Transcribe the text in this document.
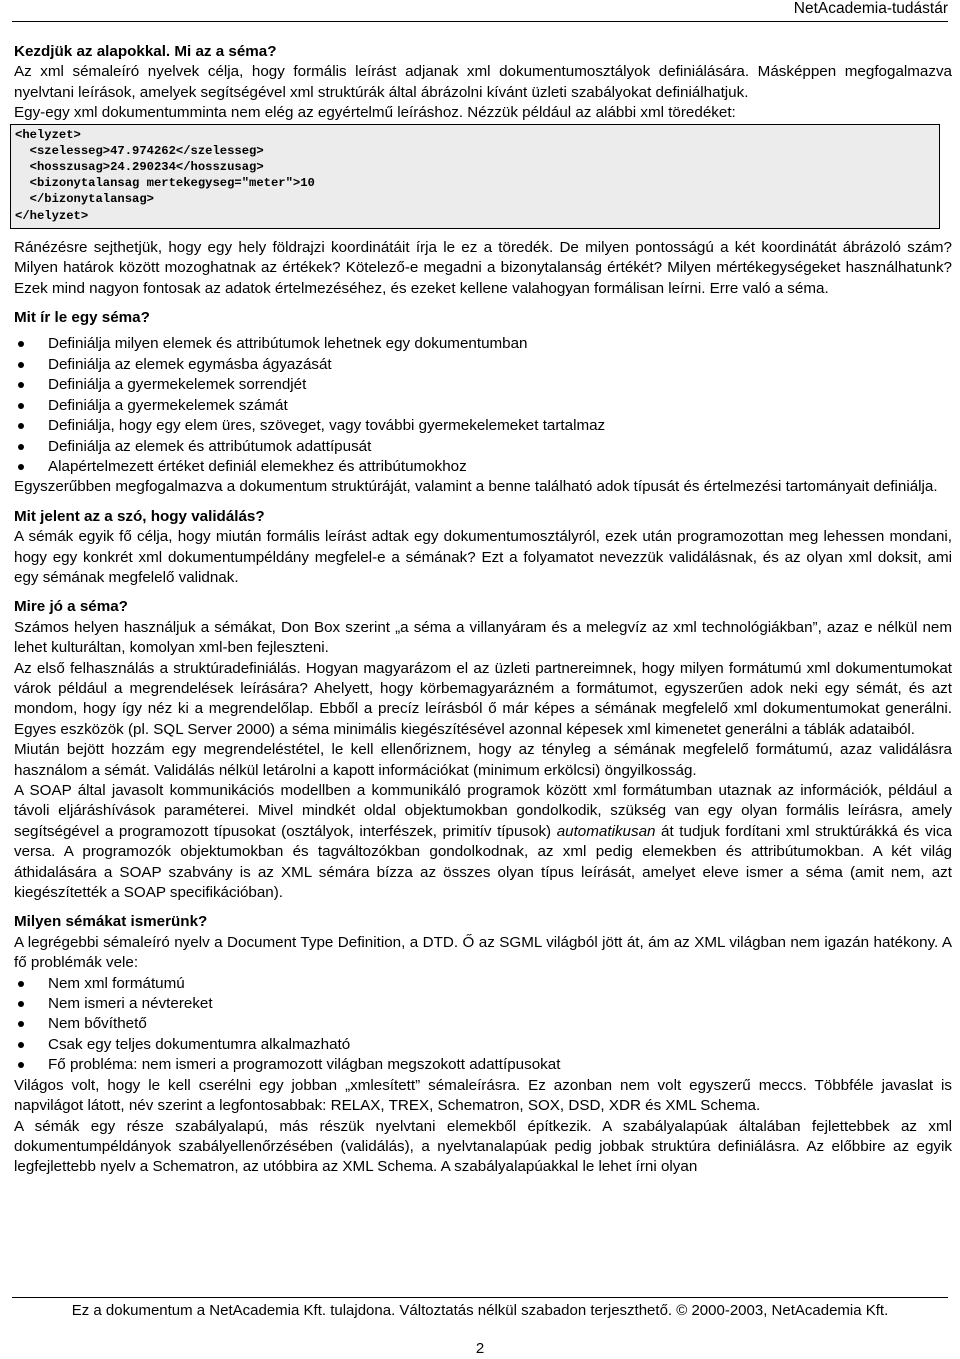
NetAcademia-tudástár
Kezdjük az alapokkal. Mi az a séma?

Az xml sémaleíró nyelvek célja, hogy formális leírást adjanak xml dokumentumosztályok definiálására. Másképpen megfogalmazva nyelvtani leírások, amelyek segítségével xml struktúrák által ábrázolni kívánt üzleti szabályokat definiálhatjuk.

Egy-egy xml dokumentumminta nem elég az egyértelmű leíráshoz. Nézzük például az alábbi xml töredéket:

<helyzet>
<szelesseg>47.974262</szelesseg>
<hosszusag>24.290234</hosszusag>
<bizonytalansag mertekegyseg="meter">10
</bizonytalansag>
</helyzet>

Ránézésre sejthetjük, hogy egy hely földrajzi koordinátáit írja le ez a töredék. De milyen pontosságú a két koordinátát ábrázoló szám? Milyen határok között mozoghatnak az értékek? Kötelező-e megadni a bizonytalanság értékét? Milyen mértékegységeket használhatunk? Ezek mind nagyon fontosak az adatok értelmezéséhez, és ezeket kellene valahogyan formálisan leírni. Erre való a séma.

Mit ír le egy séma?
Definiálja milyen elemek és attribútumok lehetnek egy dokumentumban
Definiálja az elemek egymásba ágyazását
Definiálja a gyermekelemek sorrendjét
Definiálja a gyermekelemek számát
Definiálja, hogy egy elem üres, szöveget, vagy további gyermekelemeket tartalmaz
Definiálja az elemek és attribútumok adattípusát
Alapértelmezett értéket definiál elemekhez és attribútumokhoz

Egyszerűbben megfogalmazva a dokumentum struktúráját, valamint a benne található adok típusát és értelmezési tartományait definiálja.

Mit jelent az a szó, hogy validálás?

A sémák egyik fő célja, hogy miután formális leírást adtak egy dokumentumosztályról, ezek után programozottan meg lehessen mondani, hogy egy konkrét xml dokumentumpéldány megfelel-e a sémának? Ezt a folyamatot nevezzük validálásnak, és az olyan xml doksit, ami egy sémának megfelelő validnak.

Mire jó a séma?

Számos helyen használjuk a sémákat, Don Box szerint „a séma a villanyáram és a melegvíz az xml technológiákban”, azaz e nélkül nem lehet kulturáltan, komolyan xml-ben fejleszteni.

Az első felhasználás a struktúradefiniálás. Hogyan magyarázom el az üzleti partnereimnek, hogy milyen formátumú xml dokumentumokat várok például a megrendelések leírására? Ahelyett, hogy körbemagyarázném a formátumot, egyszerűen adok neki egy sémát, és azt mondom, hogy így néz ki a megrendelőlap. Ebből a precíz leírásból ő már képes a sémának megfelelő xml dokumentumokat generálni. Egyes eszközök (pl. SQL Server 2000) a séma minimális kiegészítésével azonnal képesek xml kimenetet generálni a táblák adataiból.

Miután bejött hozzám egy megrendeléstétel, le kell ellenőriznem, hogy az tényleg a sémának megfelelő formátumú, azaz validálásra használom a sémát. Validálás nélkül letárolni a kapott információkat (minimum erkölcsi) öngyilkosság.

A SOAP által javasolt kommunikációs modellben a kommunikáló programok között xml formátumban utaznak az információk, például a távoli eljáráshívások paraméterei. Mivel mindkét oldal objektumokban gondolkodik, szükség van egy olyan formális leírásra, amely segítségével a programozott típusokat (osztályok, interfészek, primitív típusok) automatikusan át tudjuk fordítani xml struktúrákká és vica versa. A programozók objektumokban és tagváltozókban gondolkodnak, az xml pedig elemekben és attribútumokban. A két világ áthidalására a SOAP szabvány is az XML sémára bízza az összes olyan típus leírását, amelyet eleve ismer a séma (amit nem, azt kiegészítették a SOAP specifikációban).

Milyen sémákat ismerünk?

A legrégebbi sémaleíró nyelv a Document Type Definition, a DTD. Ő az SGML világból jött át, ám az XML világban nem igazán hatékony. A fő problémák vele:

Nem xml formátumú
Nem ismeri a névtereket
Nem bővíthető
Csak egy teljes dokumentumra alkalmazható
Fő probléma: nem ismeri a programozott világban megszokott adattípusokat

Világos volt, hogy le kell cserélni egy jobban „xmlesített” sémaleírásra. Ez azonban nem volt egyszerű meccs. Többféle javaslat is napvilágot látott, név szerint a legfontosabbak: RELAX, TREX, Schematron, SOX, DSD, XDR és XML Schema.

A sémák egy része szabályalapú, más részük nyelvtani elemekből építkezik. A szabályalapúak általában fejlettebbek az xml dokumentumpéldányok szabályellenőrzésében (validálás), a nyelvtanalapúak pedig jobbak struktúra definiálásra. Az előbbire az egyik legfejlettebb nyelv a Schematron, az utóbbira az XML Schema. A szabályalapúakkal le lehet írni olyan

Ez a dokumentum a NetAcademia Kft. tulajdona. Változtatás nélkül szabadon terjeszthető. © 2000-2003, NetAcademia Kft.
2
